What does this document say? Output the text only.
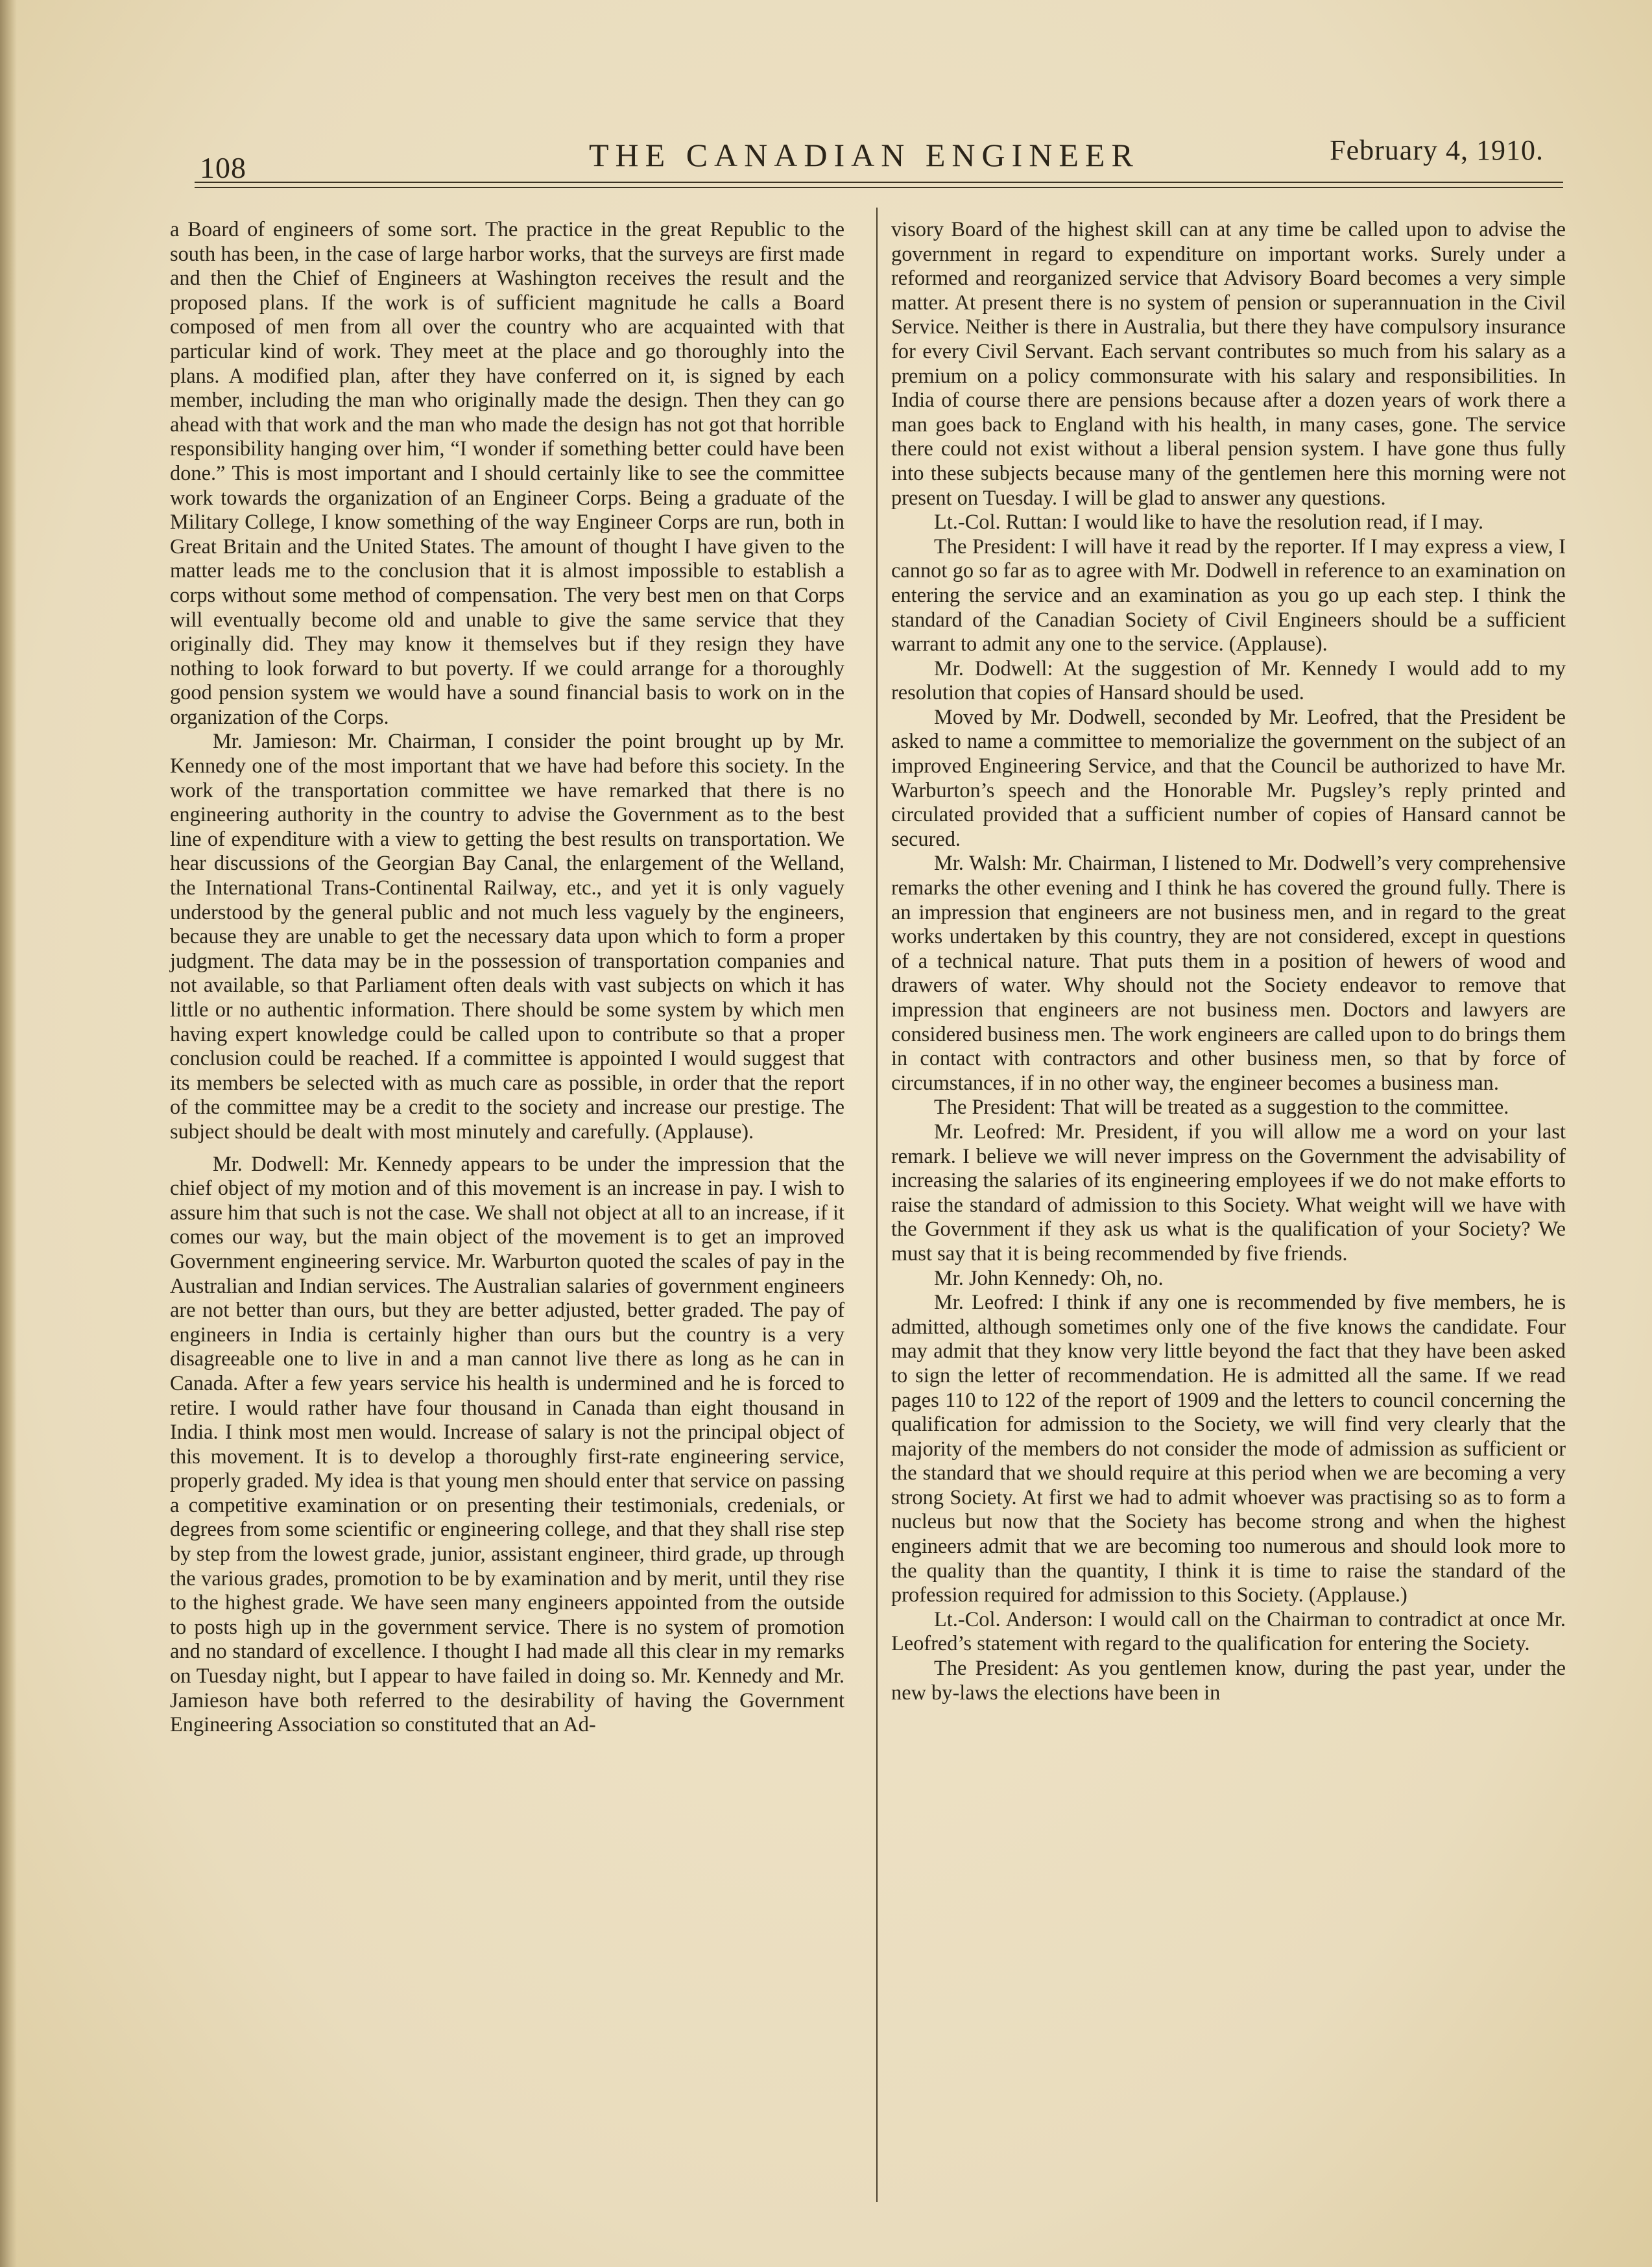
108	THE CANADIAN ENGINEER	February 4, 1910.

a Board of engineers of some sort. The practice in the great Republic to the south has been, in the case of large harbor works, that the surveys are first made and then the Chief of Engineers at Washington receives the result and the proposed plans. If the work is of sufficient magnitude he calls a Board composed of men from all over the country who are acquainted with that particular kind of work. They meet at the place and go thoroughly into the plans. A modified plan, after they have conferred on it, is signed by each member, including the man who originally made the design. Then they can go ahead with that work and the man who made the design has not got that horrible responsibility hanging over him, “I wonder if something better could have been done.” This is most important and I should certainly like to see the committee work towards the organization of an Engineer Corps. Being a graduate of the Military College, I know something of the way Engineer Corps are run, both in Great Britain and the United States. The amount of thought I have given to the matter leads me to the conclusion that it is almost impossible to establish a corps without some method of compensation. The very best men on that Corps will eventually become old and unable to give the same service that they originally did. They may know it themselves but if they resign they have nothing to look forward to but poverty. If we could arrange for a thoroughly good pension system we would have a sound financial basis to work on in the organization of the Corps.

Mr. Jamieson: Mr. Chairman, I consider the point brought up by Mr. Kennedy one of the most important that we have had before this society. In the work of the transportation committee we have remarked that there is no engineering authority in the country to advise the Government as to the best line of expenditure with a view to getting the best results on transportation. We hear discussions of the Georgian Bay Canal, the enlargement of the Welland, the International Trans-Continental Railway, etc., and yet it is only vaguely understood by the general public and not much less vaguely by the engineers, because they are unable to get the necessary data upon which to form a proper judgment. The data may be in the possession of transportation companies and not available, so that Parliament often deals with vast subjects on which it has little or no authentic information. There should be some system by which men having expert knowledge could be called upon to contribute so that a proper conclusion could be reached. If a committee is appointed I would suggest that its members be selected with as much care as possible, in order that the report of the committee may be a credit to the society and increase our prestige. The subject should be dealt with most minutely and carefully. (Applause).

Mr. Dodwell: Mr. Kennedy appears to be under the impression that the chief object of my motion and of this movement is an increase in pay. I wish to assure him that such is not the case. We shall not object at all to an increase, if it comes our way, but the main object of the movement is to get an improved Government engineering service. Mr. Warburton quoted the scales of pay in the Australian and Indian services. The Australian salaries of government engineers are not better than ours, but they are better adjusted, better graded. The pay of engineers in India is certainly higher than ours but the country is a very disagreeable one to live in and a man cannot live there as long as he can in Canada. After a few years service his health is undermined and he is forced to retire. I would rather have four thousand in Canada than eight thousand in India. I think most men would. Increase of salary is not the principal object of this movement. It is to develop a thoroughly first-rate engineering service, properly graded. My idea is that young men should enter that service on passing a competitive examination or on presenting their testimonials, credenials, or degrees from some scientific or engineering college, and that they shall rise step by step from the lowest grade, junior, assistant engineer, third grade, up through the various grades, promotion to be by examination and by merit, until they rise to the highest grade. We have seen many engineers appointed from the outside to posts high up in the government service. There is no system of promotion and no standard of excellence. I thought I had made all this clear in my remarks on Tuesday night, but I appear to have failed in doing so. Mr. Kennedy and Mr. Jamieson have both referred to the desirability of having the Government Engineering Association so constituted that an Ad-

visory Board of the highest skill can at any time be called upon to advise the government in regard to expenditure on important works. Surely under a reformed and reorganized service that Advisory Board becomes a very simple matter. At present there is no system of pension or superannuation in the Civil Service. Neither is there in Australia, but there they have compulsory insurance for every Civil Servant. Each servant contributes so much from his salary as a premium on a policy commonsurate with his salary and responsibilities. In India of course there are pensions because after a dozen years of work there a man goes back to England with his health, in many cases, gone. The service there could not exist without a liberal pension system. I have gone thus fully into these subjects because many of the gentlemen here this morning were not present on Tuesday. I will be glad to answer any questions.

Lt.-Col. Ruttan: I would like to have the resolution read, if I may.

The President: I will have it read by the reporter. If I may express a view, I cannot go so far as to agree with Mr. Dodwell in reference to an examination on entering the service and an examination as you go up each step. I think the standard of the Canadian Society of Civil Engineers should be a sufficient warrant to admit any one to the service. (Applause).

Mr. Dodwell: At the suggestion of Mr. Kennedy I would add to my resolution that copies of Hansard should be used.

Moved by Mr. Dodwell, seconded by Mr. Leofred, that the President be asked to name a committee to memorialize the government on the subject of an improved Engineering Service, and that the Council be authorized to have Mr. Warburton’s speech and the Honorable Mr. Pugsley’s reply printed and circulated provided that a sufficient number of copies of Hansard cannot be secured.

Mr. Walsh: Mr. Chairman, I listened to Mr. Dodwell’s very comprehensive remarks the other evening and I think he has covered the ground fully. There is an impression that engineers are not business men, and in regard to the great works undertaken by this country, they are not considered, except in questions of a technical nature. That puts them in a position of hewers of wood and drawers of water. Why should not the Society endeavor to remove that impression that engineers are not business men. Doctors and lawyers are considered business men. The work engineers are called upon to do brings them in contact with contractors and other business men, so that by force of circumstances, if in no other way, the engineer becomes a business man.

The President: That will be treated as a suggestion to the committee.

Mr. Leofred: Mr. President, if you will allow me a word on your last remark. I believe we will never impress on the Government the advisability of increasing the salaries of its engineering employees if we do not make efforts to raise the standard of admission to this Society. What weight will we have with the Government if they ask us what is the qualification of your Society? We must say that it is being recommended by five friends.

Mr. John Kennedy: Oh, no.

Mr. Leofred: I think if any one is recommended by five members, he is admitted, although sometimes only one of the five knows the candidate. Four may admit that they know very little beyond the fact that they have been asked to sign the letter of recommendation. He is admitted all the same. If we read pages 110 to 122 of the report of 1909 and the letters to council concerning the qualification for admission to the Society, we will find very clearly that the majority of the members do not consider the mode of admission as sufficient or the standard that we should require at this period when we are becoming a very strong Society. At first we had to admit whoever was practising so as to form a nucleus but now that the Society has become strong and when the highest engineers admit that we are becoming too numerous and should look more to the quality than the quantity, I think it is time to raise the standard of the profession required for admission to this Society. (Applause.)

Lt.-Col. Anderson: I would call on the Chairman to contradict at once Mr. Leofred’s statement with regard to the qualification for entering the Society.

The President: As you gentlemen know, during the past year, under the new by-laws the elections have been in
